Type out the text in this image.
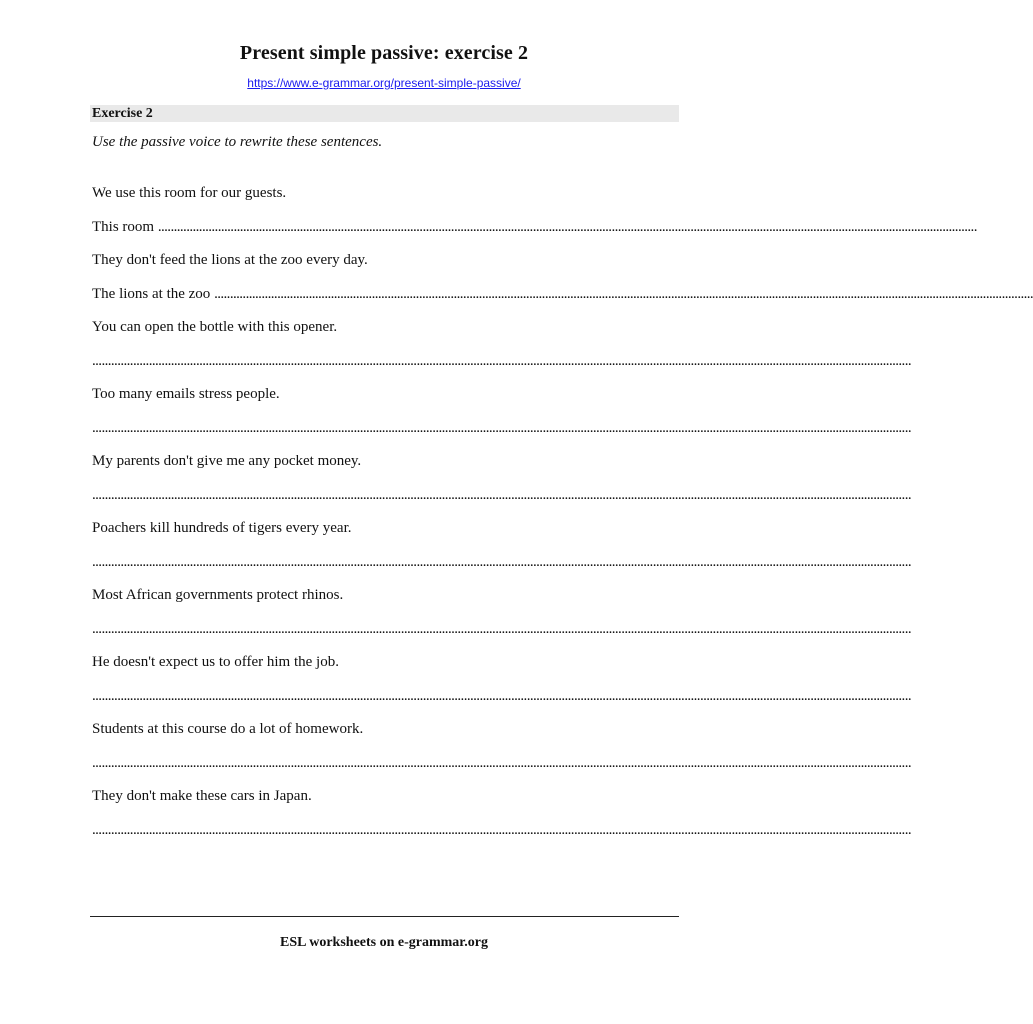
Present simple passive: exercise 2
https://www.e-grammar.org/present-simple-passive/
Exercise 2
Use the passive voice to rewrite these sentences.
We use this room for our guests.
This room ....................................................................................................................................................................................................................................................................
They don't feed the lions at the zoo every day.
The lions at the zoo ....................................................................................................................................................................................................................................................................
You can open the bottle with this opener.
....................................................................................................................................................................................................................................................................
Too many emails stress people.
....................................................................................................................................................................................................................................................................
My parents don't give me any pocket money.
....................................................................................................................................................................................................................................................................
Poachers kill hundreds of tigers every year.
....................................................................................................................................................................................................................................................................
Most African governments protect rhinos.
....................................................................................................................................................................................................................................................................
He doesn't expect us to offer him the job.
....................................................................................................................................................................................................................................................................
Students at this course do a lot of homework.
....................................................................................................................................................................................................................................................................
They don't make these cars in Japan.
....................................................................................................................................................................................................................................................................
ESL worksheets on e-grammar.org
